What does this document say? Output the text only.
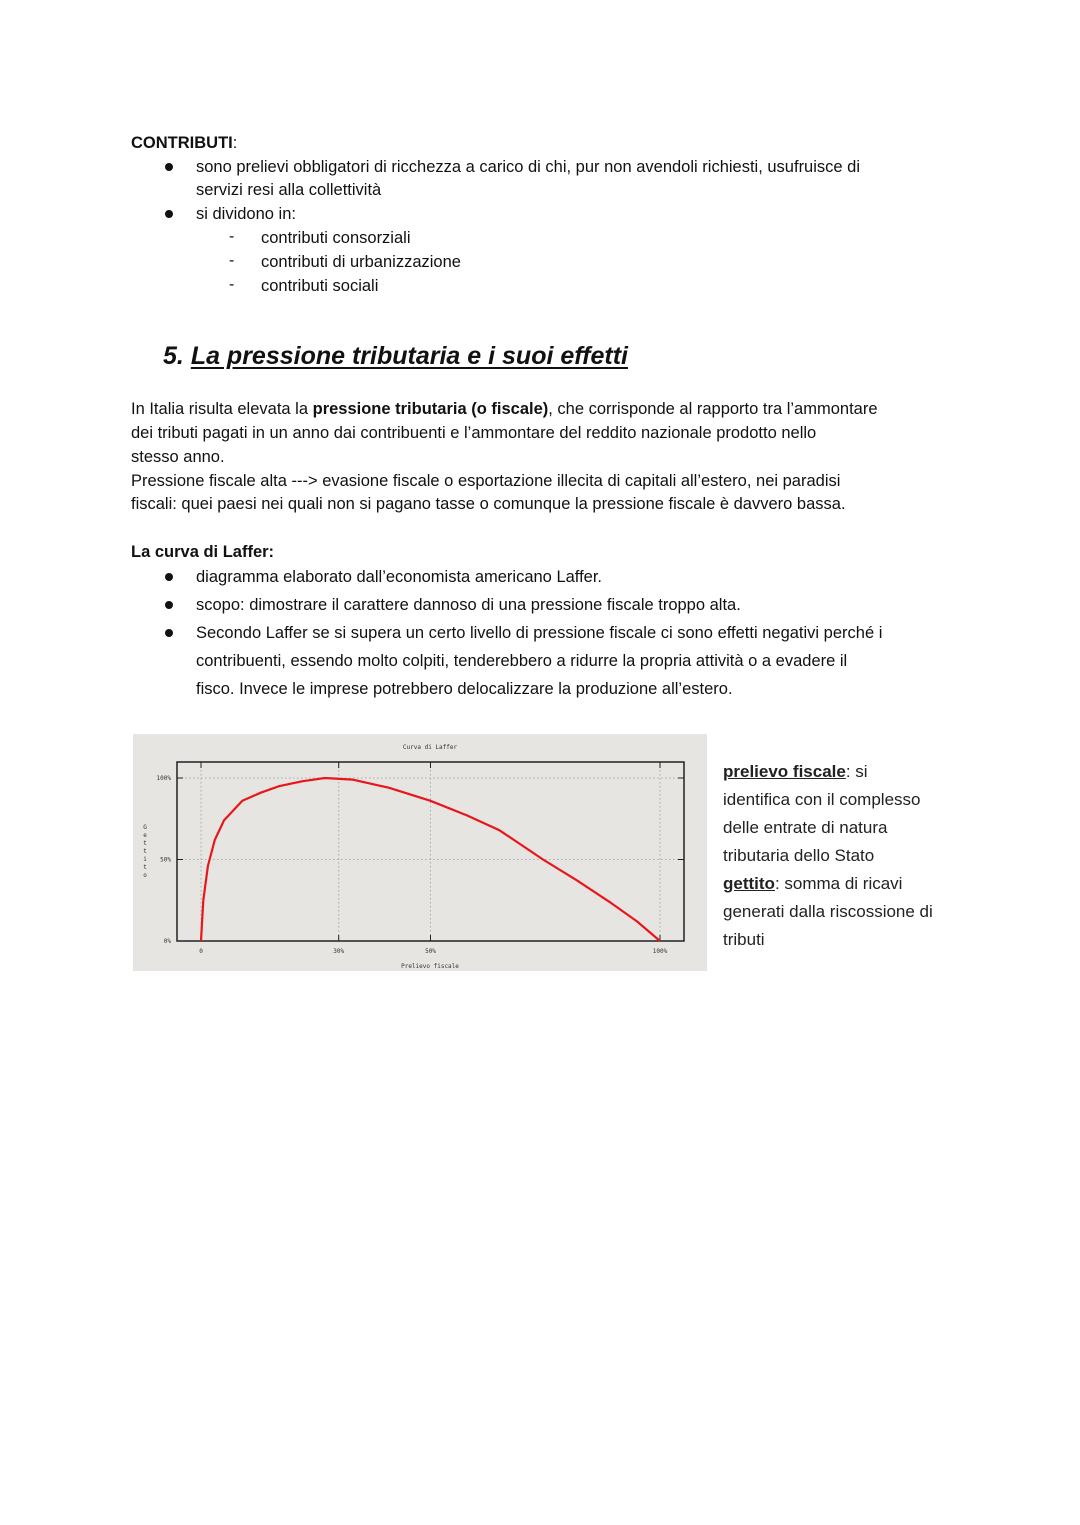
CONTRIBUTI:
sono prelievi obbligatori di ricchezza a carico di chi, pur non avendoli richiesti, usufruisce di
servizi resi alla collettività
si dividono in:
- contributi consorziali
- contributi di urbanizzazione
- contributi sociali
5. La pressione tributaria e i suoi effetti
In Italia risulta elevata la pressione tributaria (o fiscale), che corrisponde al rapporto tra l’ammontare
dei tributi pagati in un anno dai contribuenti e l’ammontare del reddito nazionale prodotto nello
stesso anno.
Pressione fiscale alta ---> evasione fiscale o esportazione illecita di capitali all’estero, nei paradisi
fiscali: quei paesi nei quali non si pagano tasse o comunque la pressione fiscale è davvero bassa.
La curva di Laffer:
diagramma elaborato dall’economista americano Laffer.
scopo: dimostrare il carattere dannoso di una pressione fiscale troppo alta.
Secondo Laffer se si supera un certo livello di pressione fiscale ci sono effetti negativi perché i
contribuenti, essendo molto colpiti, tenderebbero a ridurre la propria attività o a evadere il
fisco. Invece le imprese potrebbero delocalizzare la produzione all’estero.
Curva di Laffer
0	30%	50%	100%
0%
50%
100%
G e t t i t o
Prelievo fiscale
prelievo fiscale: si
identifica con il complesso
delle entrate di natura
tributaria dello Stato
gettito: somma di ricavi
generati dalla riscossione di
tributi
